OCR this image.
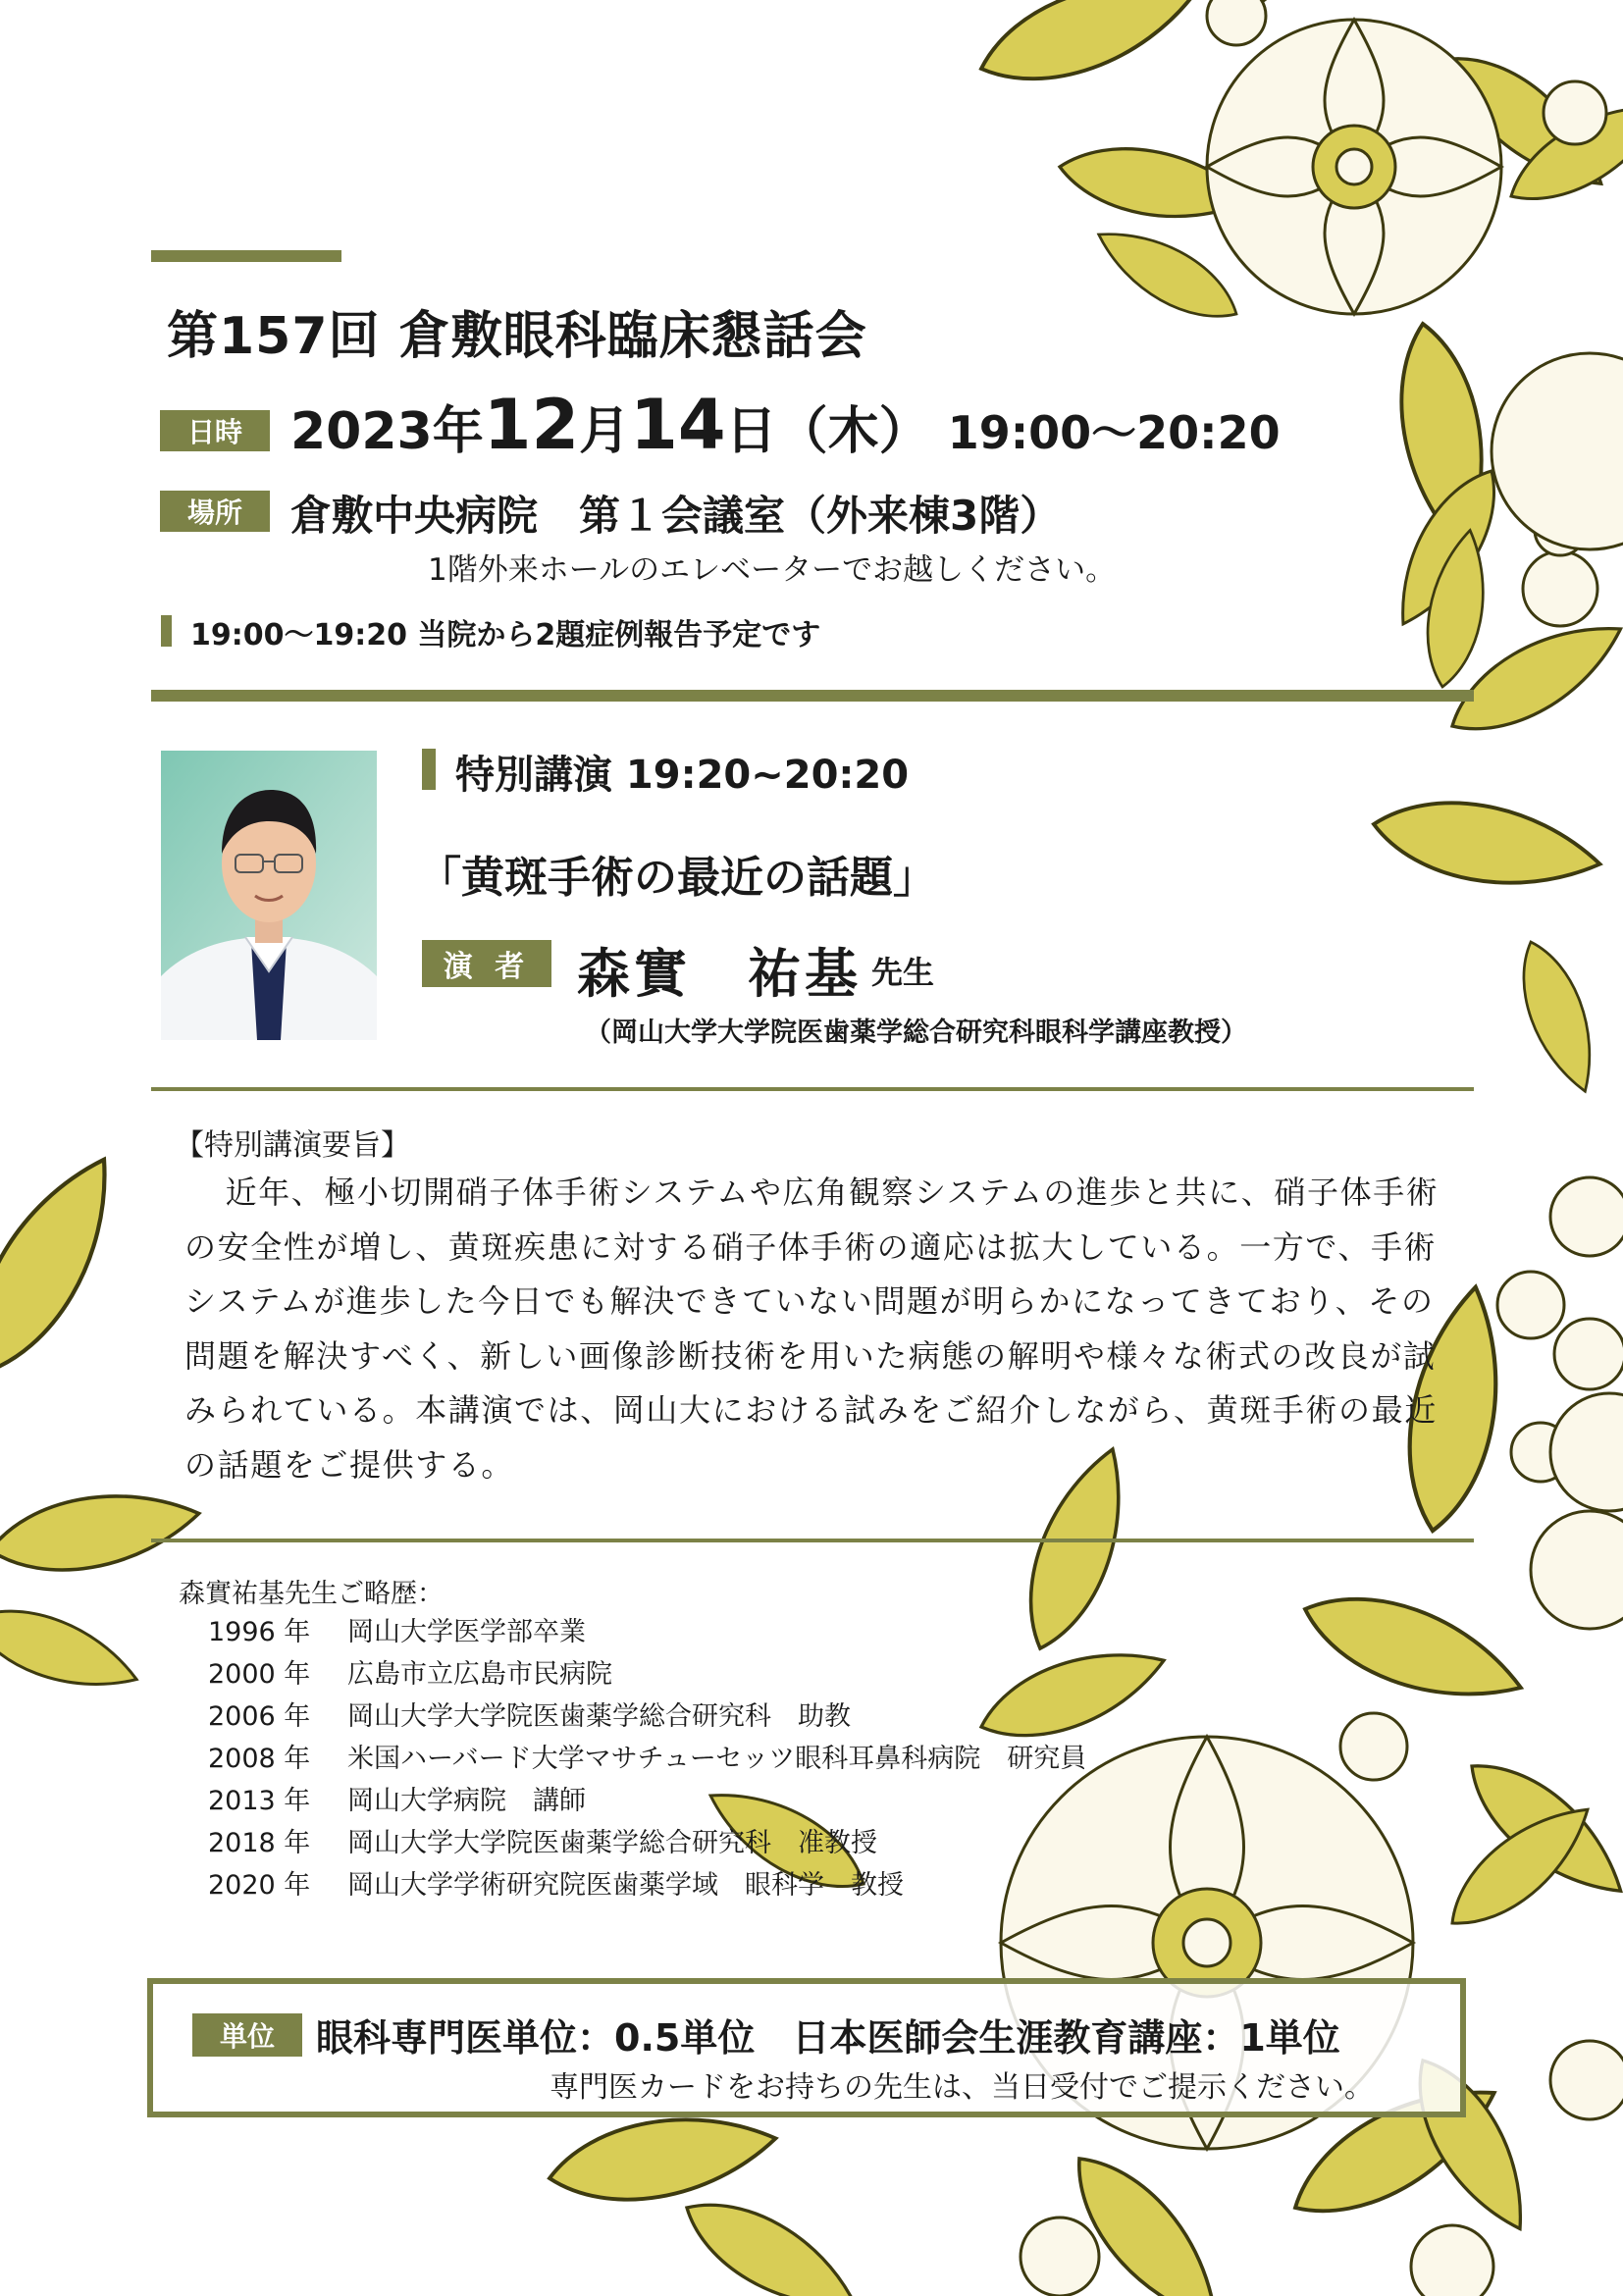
第157回 倉敷眼科臨床懇話会
日時 2023年12月14日（木） 19:00～20:20
場所	倉敷中央病院　第１会議室（外来棟3階）
1階外来ホールのエレベーターでお越しください。
19:00～19:20 当院から2題症例報告予定です
特別講演 19:20~20:20
「黄斑手術の最近の話題」
演 者 森實　祐基 先生
（岡山大学大学院医歯薬学総合研究科眼科学講座教授）
【特別講演要旨】

近年、極小切開硝子体手術システムや広角観察システムの進歩と共に、硝子体手術の安全性が増し、黄斑疾患に対する硝子体手術の適応は拡大している。一方で、手術システムが進歩した今日でも解決できていない問題が明らかになってきており、その問題を解決すべく、新しい画像診断技術を用いた病態の解明や様々な術式の改良が試みられている。本講演では、岡山大における試みをご紹介しながら、黄斑手術の最近の話題をご提供する。

森實祐基先生ご略歴：
1996 年 岡山大学医学部卒業
2000 年 広島市立広島市民病院
2006 年 岡山大学大学院医歯薬学総合研究科　助教
2008 年 米国ハーバード大学マサチューセッツ眼科耳鼻科病院　研究員
2013 年 岡山大学病院　講師
2018 年 岡山大学大学院医歯薬学総合研究科　准教授
2020 年 岡山大学学術研究院医歯薬学域　眼科学　教授
単位	眼科専門医単位：0.5単位　日本医師会生涯教育講座：1単位
専門医カードをお持ちの先生は、当日受付でご提示ください。
